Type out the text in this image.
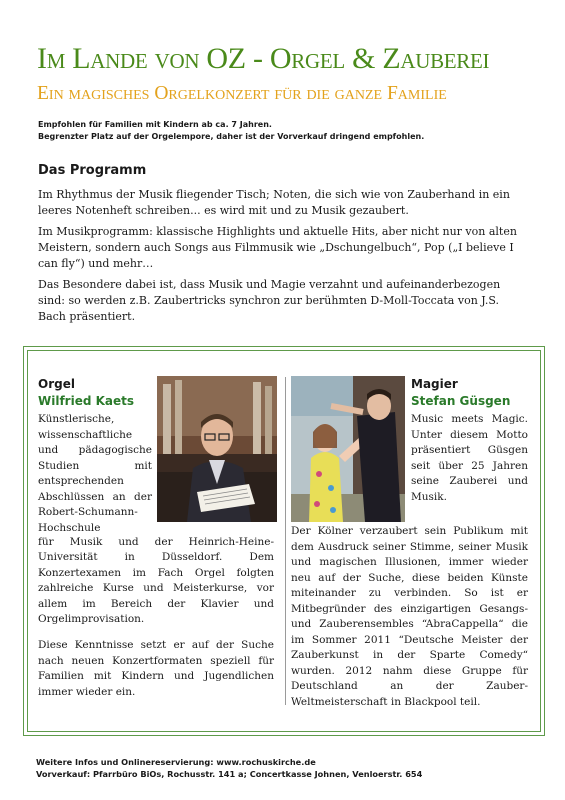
Im Lande von OZ - Orgel & Zauberei
Ein magisches Orgelkonzert für die ganze Familie
Empfohlen für Familien mit Kindern ab ca. 7 Jahren.
Begrenzter Platz auf der Orgelempore, daher ist der Vorverkauf dringend empfohlen.
Das Programm

Im Rhythmus der Musik fliegender Tisch; Noten, die sich wie von Zauberhand in ein leeres Notenheft schreiben... es wird mit und zu Musik gezaubert.

Im Musikprogramm: klassische Highlights und aktuelle Hits, aber nicht nur von alten Meistern, sondern auch Songs aus Filmmusik wie „Dschungelbuch“, Pop („I believe I can fly“) und mehr…

Das Besondere dabei ist, dass Musik und Magie verzahnt und aufeinanderbezogen sind: so werden z.B. Zaubertricks synchron zur berühmten D-Moll-Toccata von J.S. Bach präsentiert.

Orgel
Wilfried Kaets
Künstlerische, wissenschaftliche und pädagogische Studien mit entsprechenden Abschlüssen an der Robert-Schumann-Hochschule

für Musik und der Heinrich-Heine-Universität in Düsseldorf. Dem Konzertexamen im Fach Orgel folgten zahlreiche Kurse und Meisterkurse, vor allem im Bereich der Klavier und Orgelimprovisation.

Diese Kenntnisse setzt er auf der Suche nach neuen Konzertformaten speziell für Familien mit Kindern und Jugendlichen immer wieder ein.

Magier
Stefan Güsgen
Music meets Magic. Unter diesem Motto präsentiert Güsgen seit über 25 Jahren seine Zauberei und Musik.
Der Kölner verzaubert sein Publikum mit dem Ausdruck seiner Stimme, seiner Musik und magischen Illusionen, immer wieder neu auf der Suche, diese beiden Künste miteinander zu verbinden. So ist er Mitbegründer des einzigartigen Gesangs- und Zauberensembles “AbraCappella“ die im Sommer 2011 “Deutsche Meister der Zauberkunst in der Sparte Comedy“ wurden. 2012 nahm diese Gruppe für Deutschland an der Zauber-Weltmeisterschaft in Blackpool teil.
Weitere Infos und Onlinereservierung: www.rochuskirche.de
Vorverkauf: Pfarrbüro BiOs, Rochusstr. 141 a; Concertkasse Johnen, Venloerstr. 654
